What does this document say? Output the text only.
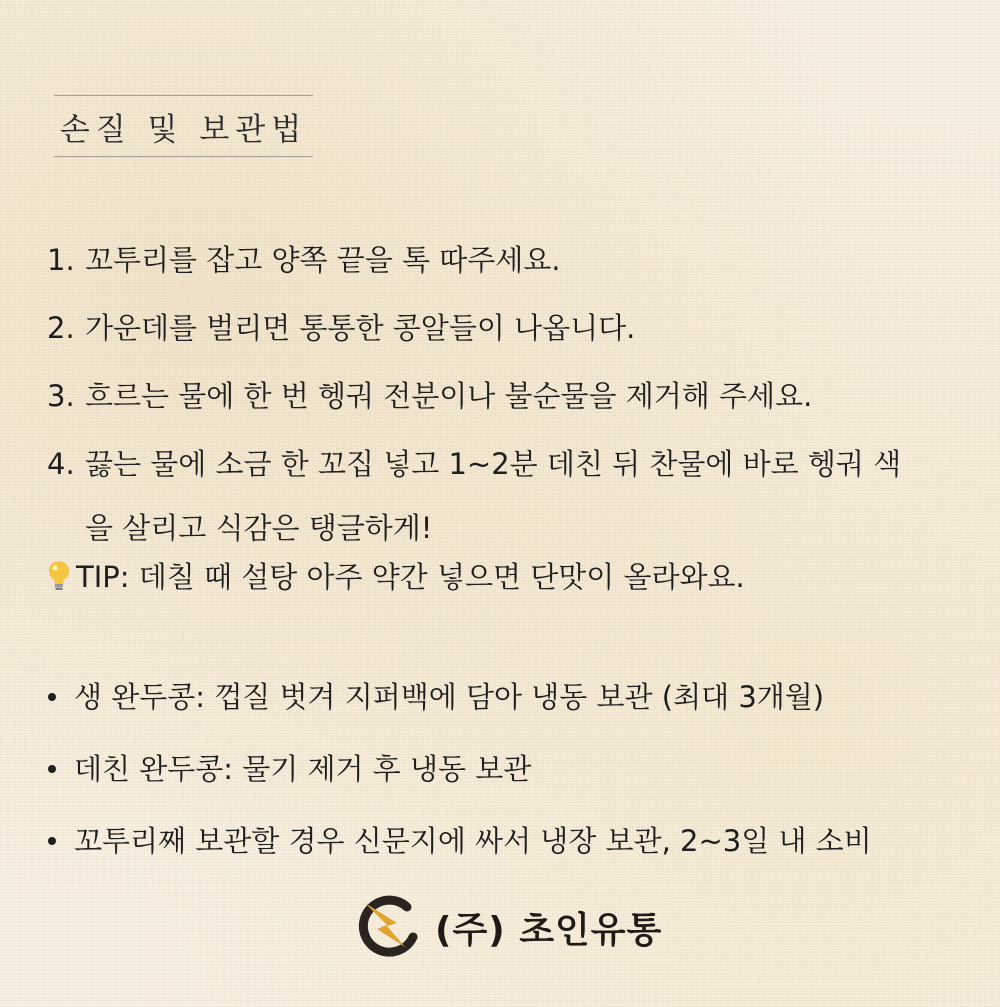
손질 및 보관법
1. 꼬투리를 잡고 양쪽 끝을 톡 따주세요.
2. 가운데를 벌리면 통통한 콩알들이 나옵니다.
3. 흐르는 물에 한 번 헹궈 전분이나 불순물을 제거해 주세요.
4. 끓는 물에 소금 한 꼬집 넣고 1~2분 데친 뒤 찬물에 바로 헹궈 색을 살리고 식감은 탱글하게!
TIP: 데칠 때 설탕 아주 약간 넣으면 단맛이 올라와요.
생 완두콩: 껍질 벗겨 지퍼백에 담아 냉동 보관 (최대 3개월)
데친 완두콩: 물기 제거 후 냉동 보관
꼬투리째 보관할 경우 신문지에 싸서 냉장 보관, 2~3일 내 소비
(주) 초인유통
